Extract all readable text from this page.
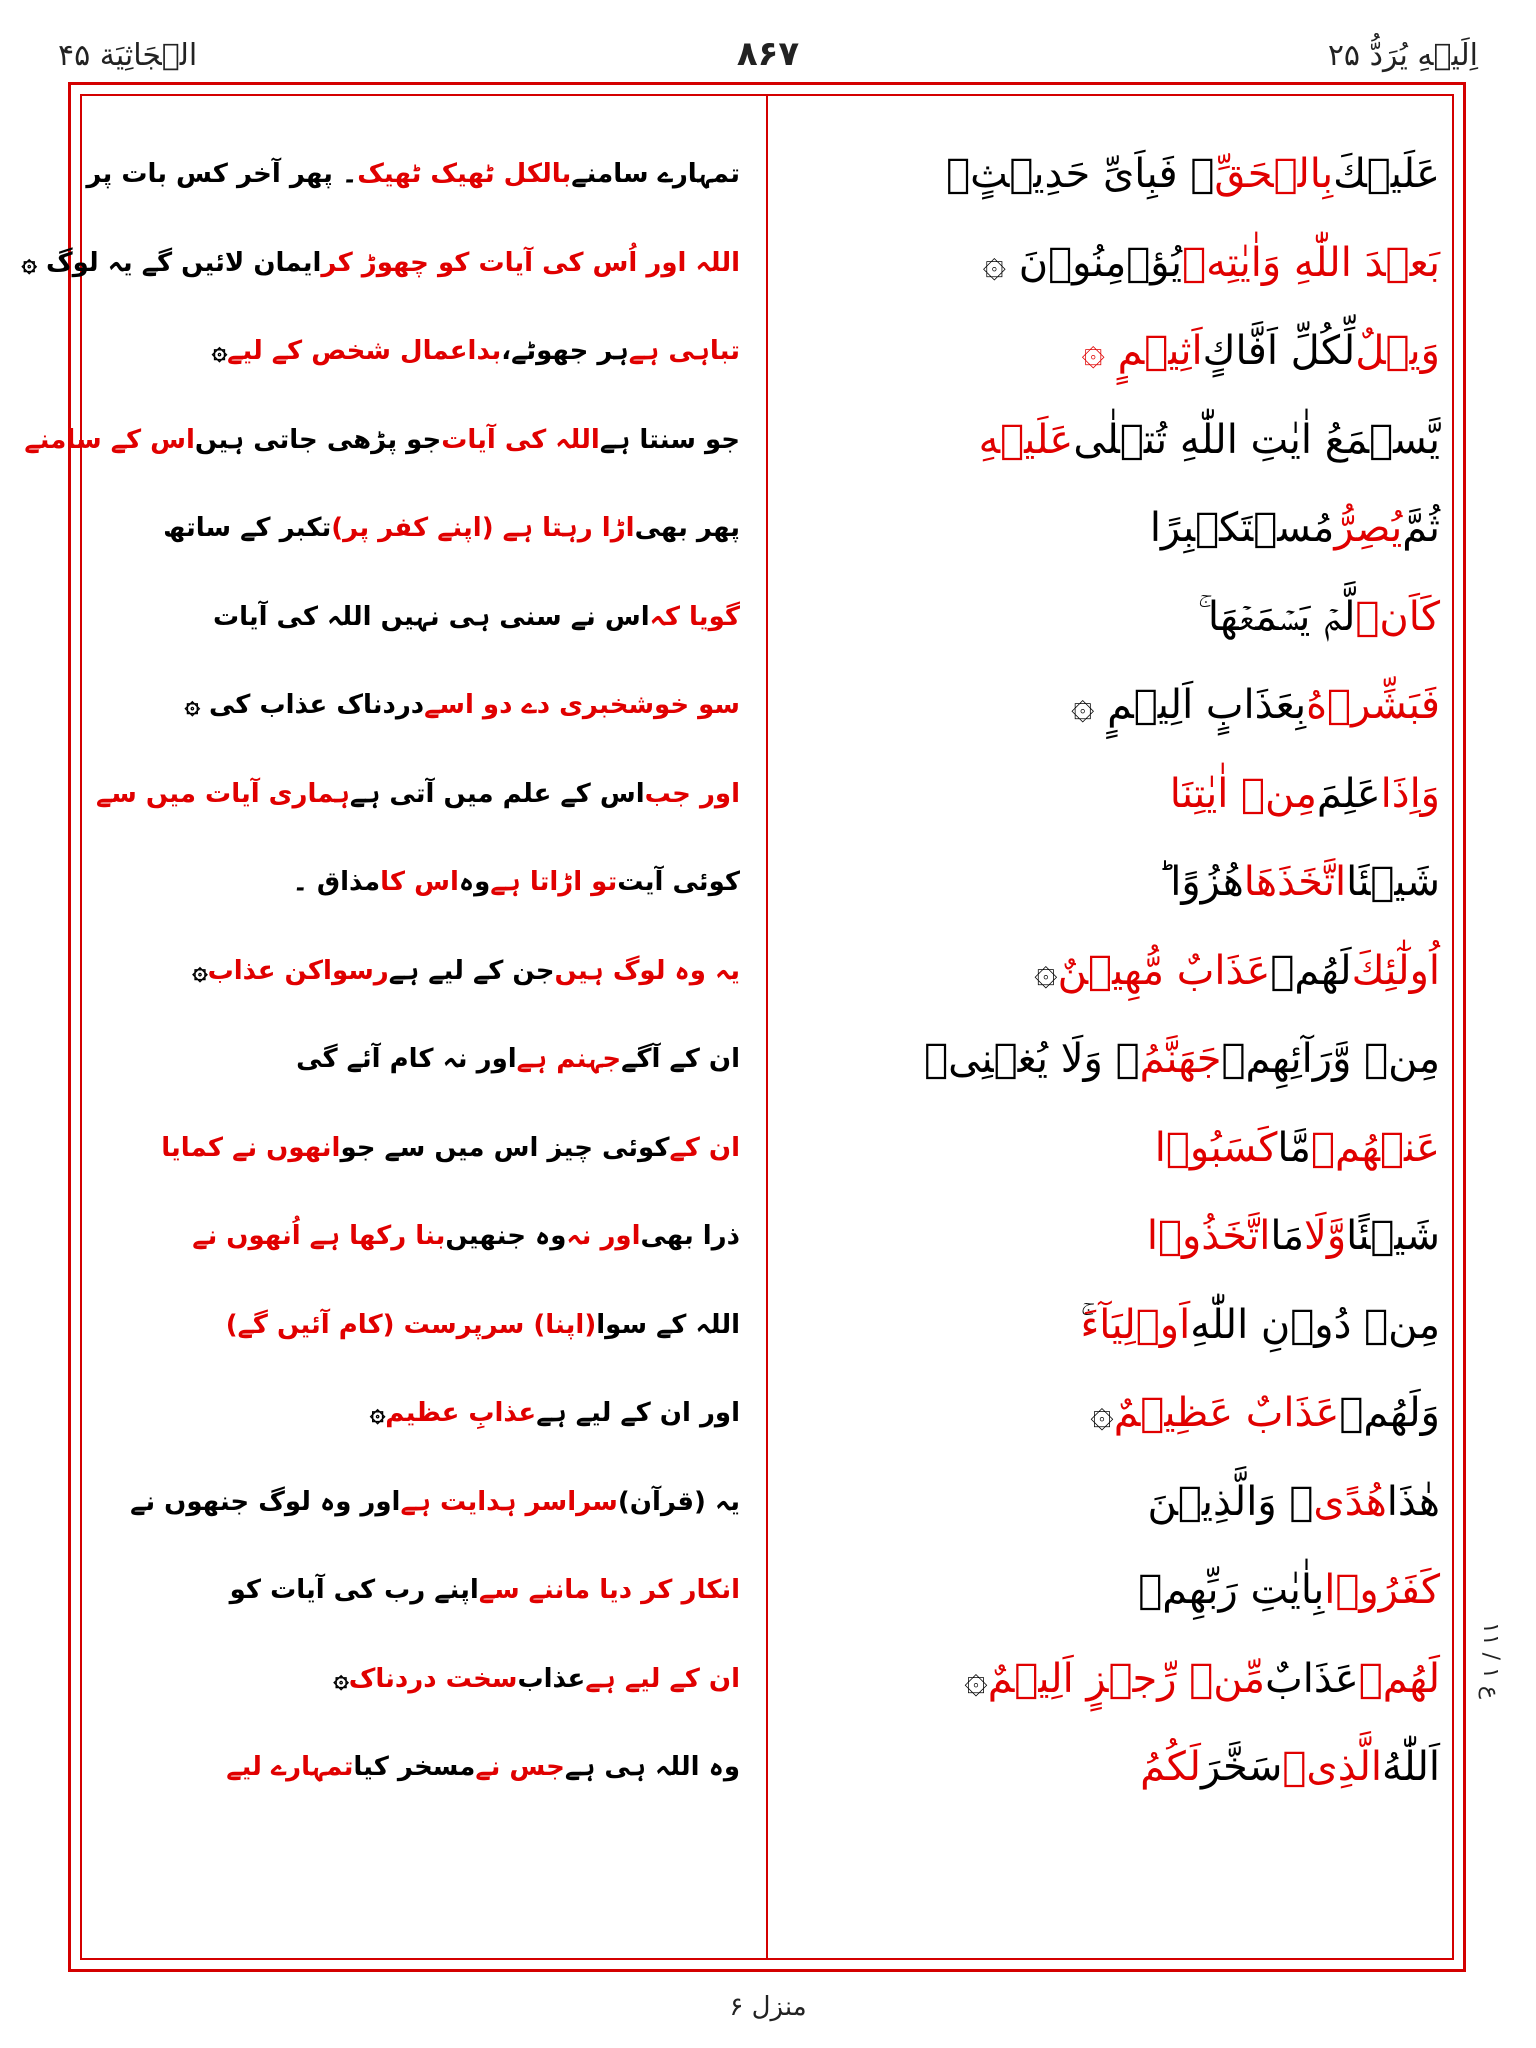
اِلَیۡهِ یُرَدُّ ۲۵
۸۶۷
الۡجَاثِیَة ۴۵
عَلَیۡكَ
بِالۡحَقِّ
ۚ فَبِاَیِّ حَدِیۡثٍۢ
بَعۡدَ اللّٰهِ وَاٰیٰتِهٖ
یُؤۡمِنُوۡنَ ۞
وَیۡلٌ
لِّكُلِّ اَفَّاكٍ
اَثِیۡمٍ ۞
یَّسۡمَعُ اٰیٰتِ اللّٰهِ تُتۡلٰی
عَلَیۡهِ
ثُمَّ
یُصِرُّ
مُسۡتَكۡبِرًا
كَاَنۡ
لَّمۡ یَسۡمَعۡهَا ۚ
فَبَشِّرۡهُ
بِعَذَابٍ اَلِیۡمٍ ۞
وَاِذَا
عَلِمَ
مِنۡ اٰیٰتِنَا
شَیۡئَا
اتَّخَذَهَا
هُزُوًا ؕ
اُولٰٓئِكَ
لَهُمۡ
عَذَابٌ مُّهِیۡنٌ
۞
مِنۡ وَّرَآئِهِمۡ
جَهَنَّمُ
ۚ وَلَا یُغۡنِیۡ
عَنۡهُمۡ
مَّا
كَسَبُوۡا
شَیۡئًا
وَّلَا
مَا
اتَّخَذُوۡا
مِنۡ دُوۡنِ اللّٰهِ
اَوۡلِیَآءَ
وَلَهُمۡ
عَذَابٌ عَظِیۡمٌ
۞
هٰذَا
هُدًی
ۚ وَالَّذِیۡنَ
كَفَرُوۡا
بِاٰیٰتِ رَبِّهِمۡ
لَهُمۡ
عَذَابٌ
مِّنۡ رِّجۡزٍ اَلِیۡمٌ
۞
اَللّٰهُ
الَّذِیۡ
سَخَّرَ
لَكُمُ
تمہارے سامنے
بالکل ٹھیک ٹھیک
۔ پھر آخر کس بات پر
اللہ اور اُس کی آیات کو چھوڑ کر
ایمان لائیں گے یہ لوگ ۞
تباہی ہے
ہر جھوٹے،
بداعمال شخص کے لیے
۞
جو سنتا ہے
اللہ کی آیات
جو پڑھی جاتی ہیں
اس کے سامنے
پھر بھی
اڑا رہتا ہے (اپنے کفر پر)
تکبر کے ساتھ
گویا کہ
اس نے سنی ہی نہیں اللہ کی آیات
سو خوشخبری دے دو اسے
دردناک عذاب کی ۞
اور جب
اس کے علم میں آتی ہے
ہماری آیات میں سے
کوئی آیت
تو اڑاتا ہے
وہ
اس کا
مذاق ۔
یہ وہ لوگ ہیں
جن کے لیے ہے
رسواکن عذاب
۞
ان کے آگے
جہنم ہے
اور نہ کام آئے گی
ان کے
کوئی چیز اس میں سے جو
انھوں نے کمایا
ذرا بھی
اور نہ
وہ جنھیں
بنا رکھا ہے اُنھوں نے
اللہ کے سوا
(اپنا) سرپرست (کام آئیں گے)
اور ان کے لیے ہے
عذابِ عظیم
۞
یہ (قرآن)
سراسر ہدایت ہے
اور وہ لوگ جنھوں نے
انکار کر دیا ماننے سے
اپنے رب کی آیات کو
ان کے لیے ہے
عذاب
سخت دردناک
۞
وہ اللہ ہی ہے
جس نے
مسخر کیا
تمہارے لیے
ع ۱ / ۱۱
منزل ۶
